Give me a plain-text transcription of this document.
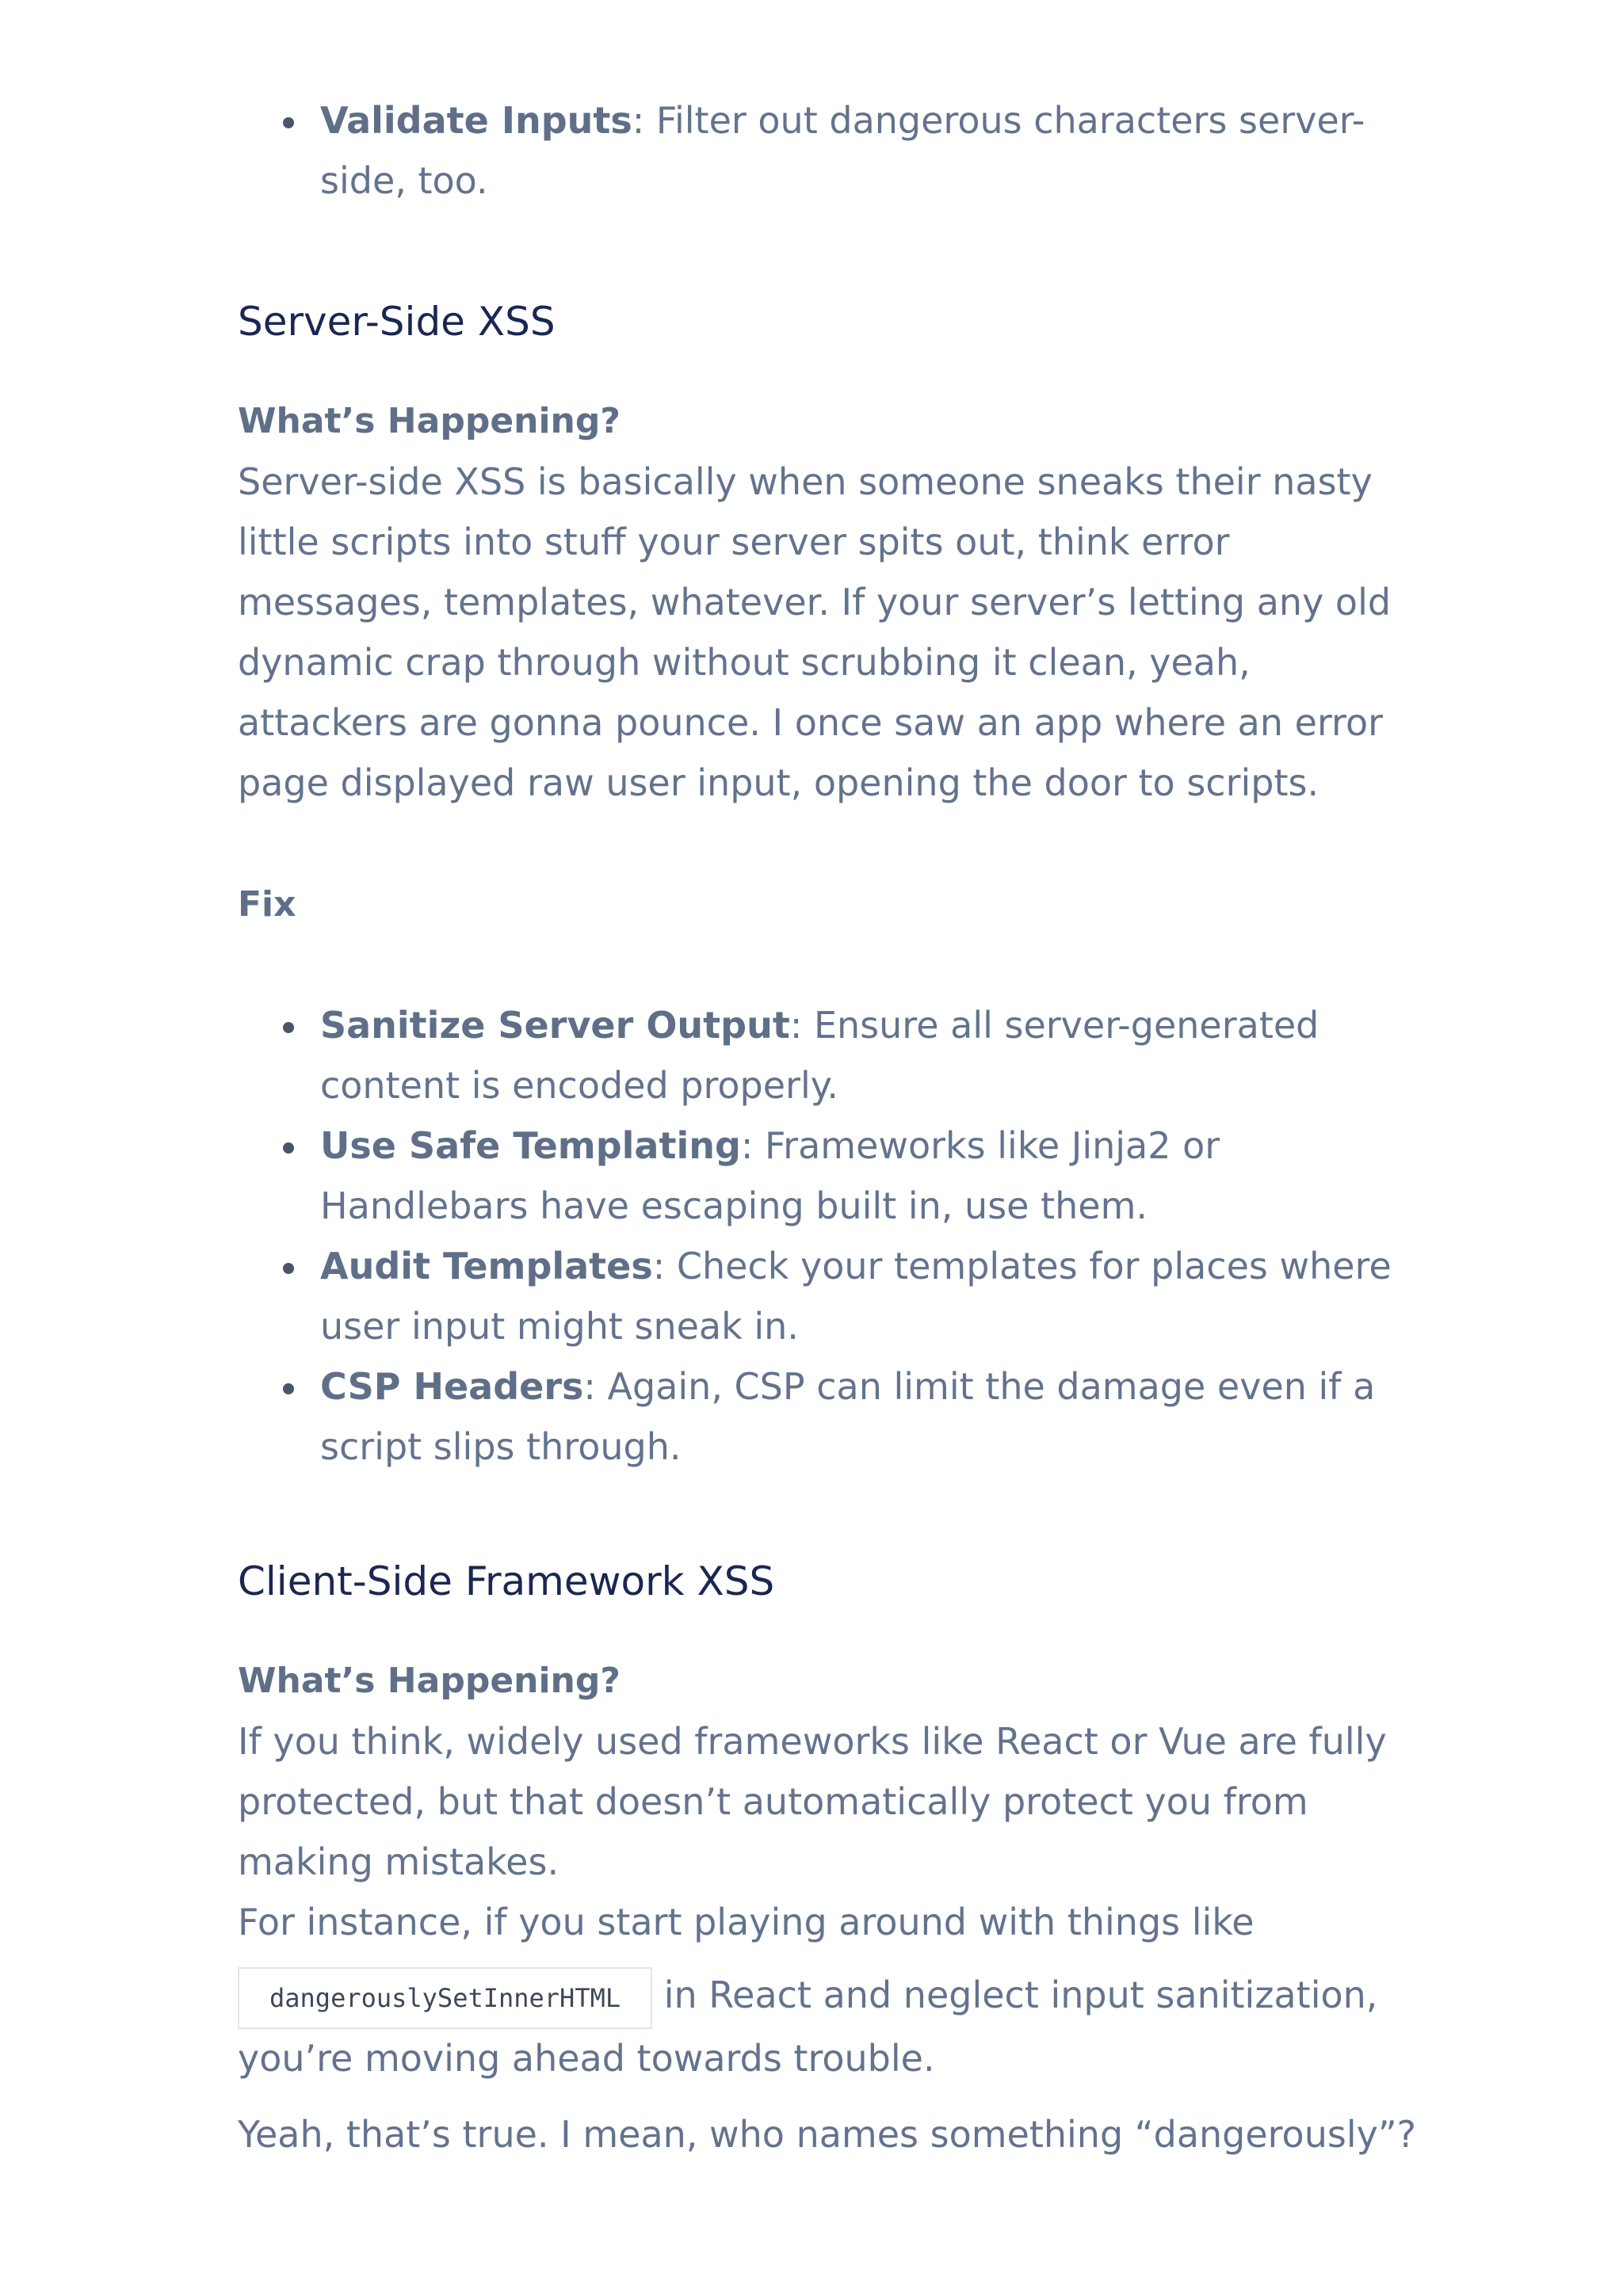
Validate Inputs: Filter out dangerous characters server-side, too.
Server-Side XSS
What’s Happening?

Server-side XSS is basically when someone sneaks their nasty little scripts into stuff your server spits out, think error messages, templates, whatever. If your server’s letting any old dynamic crap through without scrubbing it clean, yeah, attackers are gonna pounce. I once saw an app where an error page displayed raw user input, opening the door to scripts.

Fix
Sanitize Server Output: Ensure all server-generated content is encoded properly.
Use Safe Templating: Frameworks like Jinja2 or Handlebars have escaping built in, use them.
Audit Templates: Check your templates for places where user input might sneak in.
CSP Headers: Again, CSP can limit the damage even if a script slips through.
Client-Side Framework XSS
What’s Happening?

If you think, widely used frameworks like React or Vue are fully protected, but that doesn’t automatically protect you from making mistakes.

For instance, if you start playing around with things like

dangerouslySetInnerHTML in React and neglect input sanitization, you’re moving ahead towards trouble.

Yeah, that’s true. I mean, who names something “dangerously”?
